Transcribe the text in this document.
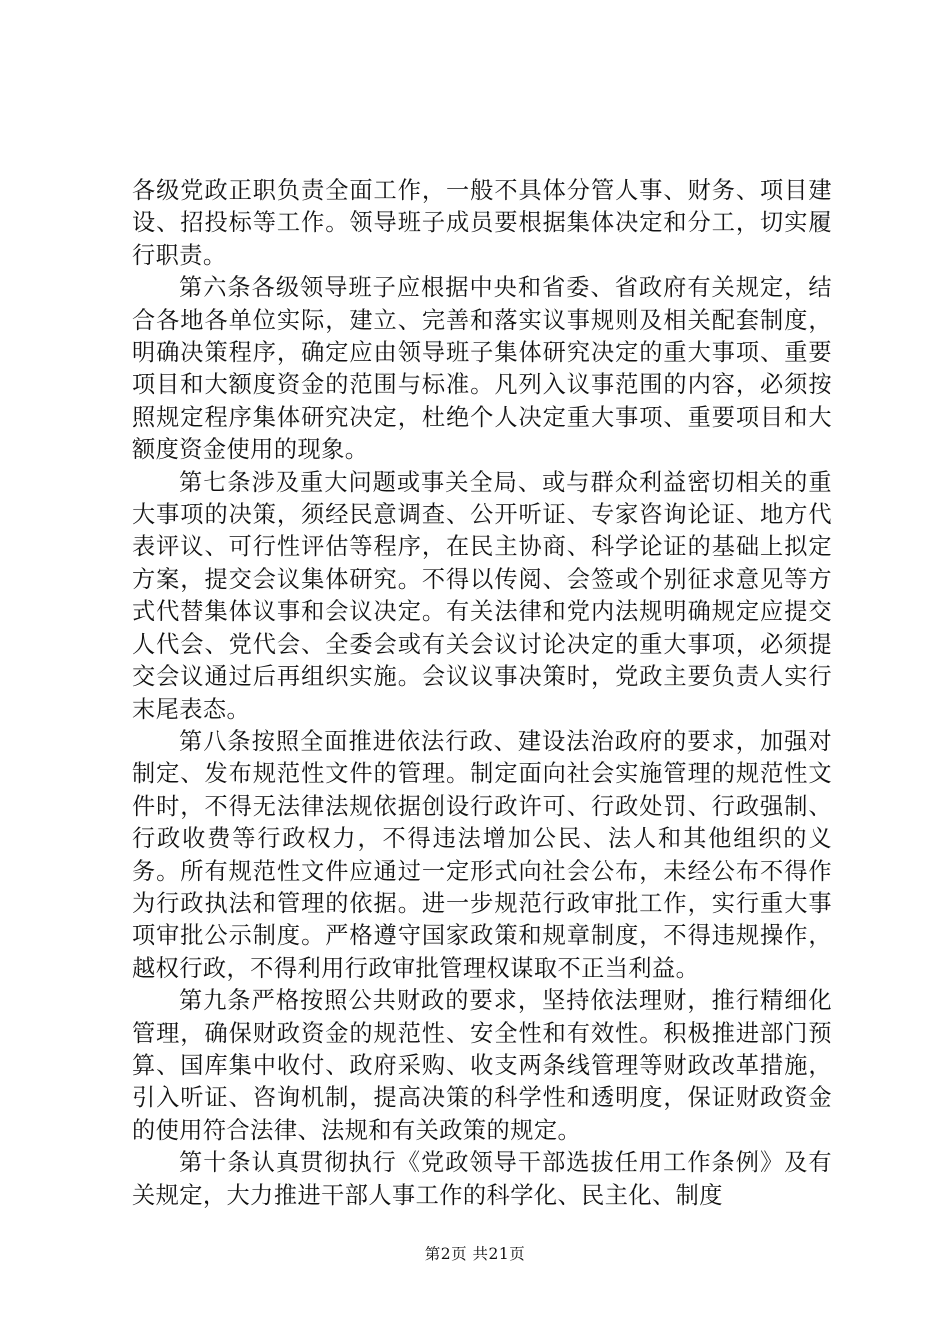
各级党政正职负责全面工作，一般不具体分管人事、财务、项目建设、招投标等工作。领导班子成员要根据集体决定和分工，切实履行职责。

第六条各级领导班子应根据中央和省委、省政府有关规定，结合各地各单位实际，建立、完善和落实议事规则及相关配套制度，明确决策程序，确定应由领导班子集体研究决定的重大事项、重要项目和大额度资金的范围与标准。凡列入议事范围的内容，必须按照规定程序集体研究决定，杜绝个人决定重大事项、重要项目和大额度资金使用的现象。

第七条涉及重大问题或事关全局、或与群众利益密切相关的重大事项的决策，须经民意调查、公开听证、专家咨询论证、地方代表评议、可行性评估等程序，在民主协商、科学论证的基础上拟定方案，提交会议集体研究。不得以传阅、会签或个别征求意见等方式代替集体议事和会议决定。有关法律和党内法规明确规定应提交人代会、党代会、全委会或有关会议讨论决定的重大事项，必须提交会议通过后再组织实施。会议议事决策时，党政主要负责人实行末尾表态。

第八条按照全面推进依法行政、建设法治政府的要求，加强对制定、发布规范性文件的管理。制定面向社会实施管理的规范性文件时，不得无法律法规依据创设行政许可、行政处罚、行政强制、行政收费等行政权力，不得违法增加公民、法人和其他组织的义务。所有规范性文件应通过一定形式向社会公布，未经公布不得作为行政执法和管理的依据。进一步规范行政审批工作，实行重大事项审批公示制度。严格遵守国家政策和规章制度，不得违规操作，越权行政，不得利用行政审批管理权谋取不正当利益。

第九条严格按照公共财政的要求，坚持依法理财，推行精细化管理，确保财政资金的规范性、安全性和有效性。积极推进部门预算、国库集中收付、政府采购、收支两条线管理等财政改革措施，引入听证、咨询机制，提高决策的科学性和透明度，保证财政资金的使用符合法律、法规和有关政策的规定。

第十条认真贯彻执行《党政领导干部选拔任用工作条例》及有关规定，大力推进干部人事工作的科学化、民主化、制度

第2页 共21页
